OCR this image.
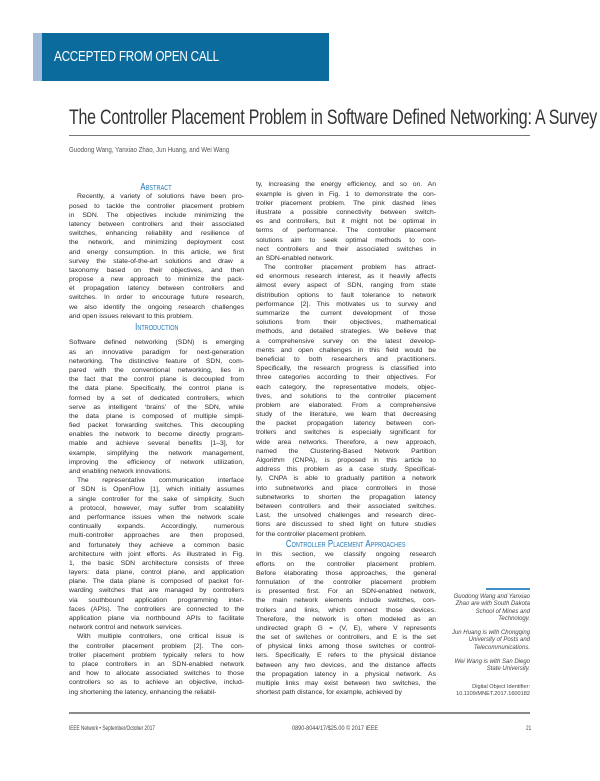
ACCEPTED FROM OPEN CALL
The Controller Placement Problem in Software Defined Networking: A Survey
Guodong Wang, Yanxiao Zhao, Jun Huang, and Wei Wang
Abstract
Recently, a variety of solutions have been pro-
posed to tackle the controller placement problem
in SDN. The objectives include minimizing the
latency between controllers and their associated
switches, enhancing reliability and resilience of
the network, and minimizing deployment cost
and energy consumption. In this article, we first
survey the state-of-the-art solutions and draw a
taxonomy based on their objectives, and then
propose a new approach to minimize the pack-
et propagation latency between controllers and
switches. In order to encourage future research,
we also identify the ongoing research challenges
and open issues relevant to this problem.
Introduction
Software defined networking (SDN) is emerging
as an innovative paradigm for next-generation
networking. The distinctive feature of SDN, com-
pared with the conventional networking, lies in
the fact that the control plane is decoupled from
the data plane. Specifically, the control plane is
formed by a set of dedicated controllers, which
serve as intelligent ‘brains’ of the SDN, while
the data plane is composed of multiple simpli-
fied packet forwarding switches. This decoupling
enables the network to become directly program-
mable and achieve several benefits [1–3], for
example, simplifying the network management,
improving the efficiency of network utilization,
and enabling network innovations.
The representative communication interface
of SDN is OpenFlow [1], which initially assumes
a single controller for the sake of simplicity. Such
a protocol, however, may suffer from scalability
and performance issues when the network scale
continually expands. Accordingly, numerous
multi-controller approaches are then proposed,
and fortunately they achieve a common basic
architecture with joint efforts. As illustrated in Fig.
1, the basic SDN architecture consists of three
layers: data plane, control plane, and application
plane. The data plane is composed of packet for-
warding switches that are managed by controllers
via southbound application programming inter-
faces (APIs). The controllers are connected to the
application plane via northbound APIs to facilitate
network control and network services.
With multiple controllers, one critical issue is
the controller placement problem [2]. The con-
troller placement problem typically refers to how
to place controllers in an SDN-enabled network
and how to allocate associated switches to those
controllers so as to achieve an objective, includ-
ing shortening the latency, enhancing the reliabil-
ty, increasing the energy efficiency, and so on. An
example is given in Fig. 1 to demonstrate the con-
troller placement problem. The pink dashed lines
illustrate a possible connectivity between switch-
es and controllers, but it might not be optimal in
terms of performance. The controller placement
solutions aim to seek optimal methods to con-
nect controllers and their associated switches in
an SDN-enabled network.
The controller placement problem has attract-
ed enormous research interest, as it heavily affects
almost every aspect of SDN, ranging from state
distribution options to fault tolerance to network
performance [2]. This motivates us to survey and
summarize the current development of those
solutions from their objectives, mathematical
methods, and detailed strategies. We believe that
a comprehensive survey on the latest develop-
ments and open challenges in this field would be
beneficial to both researchers and practitioners.
Specifically, the research progress is classified into
three categories according to their objectives. For
each category, the representative models, objec-
tives, and solutions to the controller placement
problem are elaborated. From a comprehensive
study of the literature, we learn that decreasing
the packet propagation latency between con-
trollers and switches is especially significant for
wide area networks. Therefore, a new approach,
named the Clustering-Based Network Partition
Algorithm (CNPA), is proposed in this article to
address this problem as a case study. Specifical-
ly, CNPA is able to gradually partition a network
into subnetworks and place controllers in those
subnetworks to shorten the propagation latency
between controllers and their associated switches.
Last, the unsolved challenges and research direc-
tions are discussed to shed light on future studies
for the controller placement problem.
Controller Placement Approaches
In this section, we classify ongoing research
efforts on the controller placement problem.
Before elaborating those approaches, the general
formulation of the controller placement problem
is presented first. For an SDN-enabled network,
the main network elements include switches, con-
trollers and links, which connect those devices.
Therefore, the network is often modeled as an
undirected graph G = (V, E), where V represents
the set of switches or controllers, and E is the set
of physical links among those switches or control-
lers. Specifically, E refers to the physical distance
between any two devices, and the distance affects
the propagation latency in a physical network. As
multiple links may exist between two switches, the
shortest path distance, for example, achieved by
Guodong Wang and Yanxiao
Zhao are with South Dakota
School of Mines and
Technology.
Jun Huang is with Chongqing
University of Posts and
Telecommunications.
Wei Wang is with San Diego
State University.
Digital Object Identifier:
10.1109/MNET.2017.1600182
IEEE Network • September/October 2017	0890-8044/17/$25.00 © 2017 IEEE	21
